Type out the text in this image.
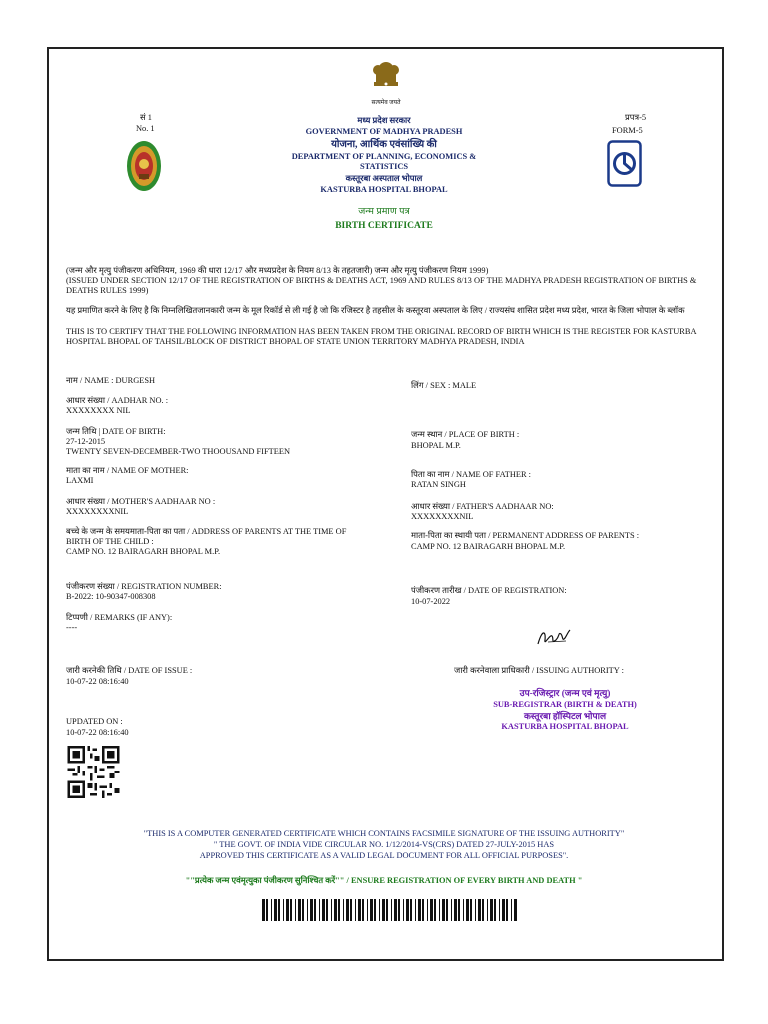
सत्यमेव जयते
सं 1
No. 1
प्रपत्र-5
FORM-5
मध्य प्रदेश सरकार
GOVERNMENT OF MADHYA PRADESH
योजना, आर्थिक एवंसांख्यि की
DEPARTMENT OF PLANNING, ECONOMICS &
STATISTICS
कस्तूरबा अस्पताल भोपाल
KASTURBA HOSPITAL BHOPAL
जन्म प्रमाण पत्र
BIRTH CERTIFICATE
(जन्म और मृत्यु पंजीकरण अधिनियम, 1969 की धारा 12/17 और मध्यप्रदेश के नियम 8/13 के तहतजारी) जन्म और मृत्यु पंजीकरण नियम 1999)
(ISSUED UNDER SECTION 12/17 OF THE REGISTRATION OF BIRTHS & DEATHS ACT, 1969 AND RULES 8/13 OF THE MADHYA PRADESH REGISTRATION OF BIRTHS & DEATHS RULES 1999)
यह प्रमाणित करने के लिए है कि निम्नलिखितजानकारी जन्म के मूल रिकॉर्ड से ली गई है जो कि रजिस्टर है तहसील के कस्तूरवा अस्पताल के लिए / राज्यसंघ शासित प्रदेश मध्य प्रदेश, भारत के जिला भोपाल के ब्लॉक
THIS IS TO CERTIFY THAT THE FOLLOWING INFORMATION HAS BEEN TAKEN FROM THE ORIGINAL RECORD OF BIRTH WHICH IS THE REGISTER FOR KASTURBA HOSPITAL BHOPAL OF TAHSIL/BLOCK OF DISTRICT BHOPAL OF STATE UNION TERRITORY MADHYA PRADESH, INDIA
नाम / NAME : DURGESH
आधार संख्या / AADHAR NO. :
XXXXXXXX NIL
जन्म तिथि | DATE OF BIRTH:
27-12-2015
TWENTY SEVEN-DECEMBER-TWO THOOUSAND FIFTEEN
माता का नाम / NAME OF MOTHER:
LAXMI
आधार संख्या / MOTHER'S AADHAAR NO :
XXXXXXXXNIL
बच्चे के जन्म के समयमाता-पिता का पता / ADDRESS OF PARENTS AT THE TIME OF
BIRTH OF THE CHILD :
CAMP NO. 12 BAIRAGARH BHOPAL M.P.
पंजीकरण संख्या / REGISTRATION NUMBER:
B-2022: 10-90347-008308
टिप्पणी / REMARKS (IF ANY):
----
जारी करनेकी तिथि / DATE OF ISSUE :
10-07-22 08:16:40
UPDATED ON :
10-07-22 08:16:40
लिंग / SEX : MALE
जन्म स्थान / PLACE OF BIRTH :
BHOPAL M.P.
पिता का नाम / NAME OF FATHER :
RATAN SINGH
आधार संख्या / FATHER'S AADHAAR NO:
XXXXXXXXNIL
माता-पिता का स्थायी पता / PERMANENT ADDRESS OF PARENTS :
CAMP NO. 12 BAIRAGARH BHOPAL M.P.
पंजीकरण तारीख / DATE OF REGISTRATION:
10-07-2022
जारी करनेवाला प्राधिकारी / ISSUING AUTHORITY :
उप-रजिस्ट्रार (जन्म एवं मृत्यु)
SUB-REGISTRAR (BIRTH & DEATH)
कस्तूरबा हॉस्पिटल भोपाल
KASTURBA HOSPITAL BHOPAL
"THIS IS A COMPUTER GENERATED CERTIFICATE WHICH CONTAINS FACSIMILE SIGNATURE OF THE ISSUING AUTHORITY"
" THE GOVT. OF INDIA VIDE CIRCULAR NO. 1/12/2014-VS(CRS) DATED 27-JULY-2015 HAS
APPROVED THIS CERTIFICATE AS A VALID LEGAL DOCUMENT FOR ALL OFFICIAL PURPOSES".
""प्रत्येक जन्म एवंमृत्युका पंजीकरण सुनिश्चित करें"" / ENSURE REGISTRATION OF EVERY BIRTH AND DEATH "
